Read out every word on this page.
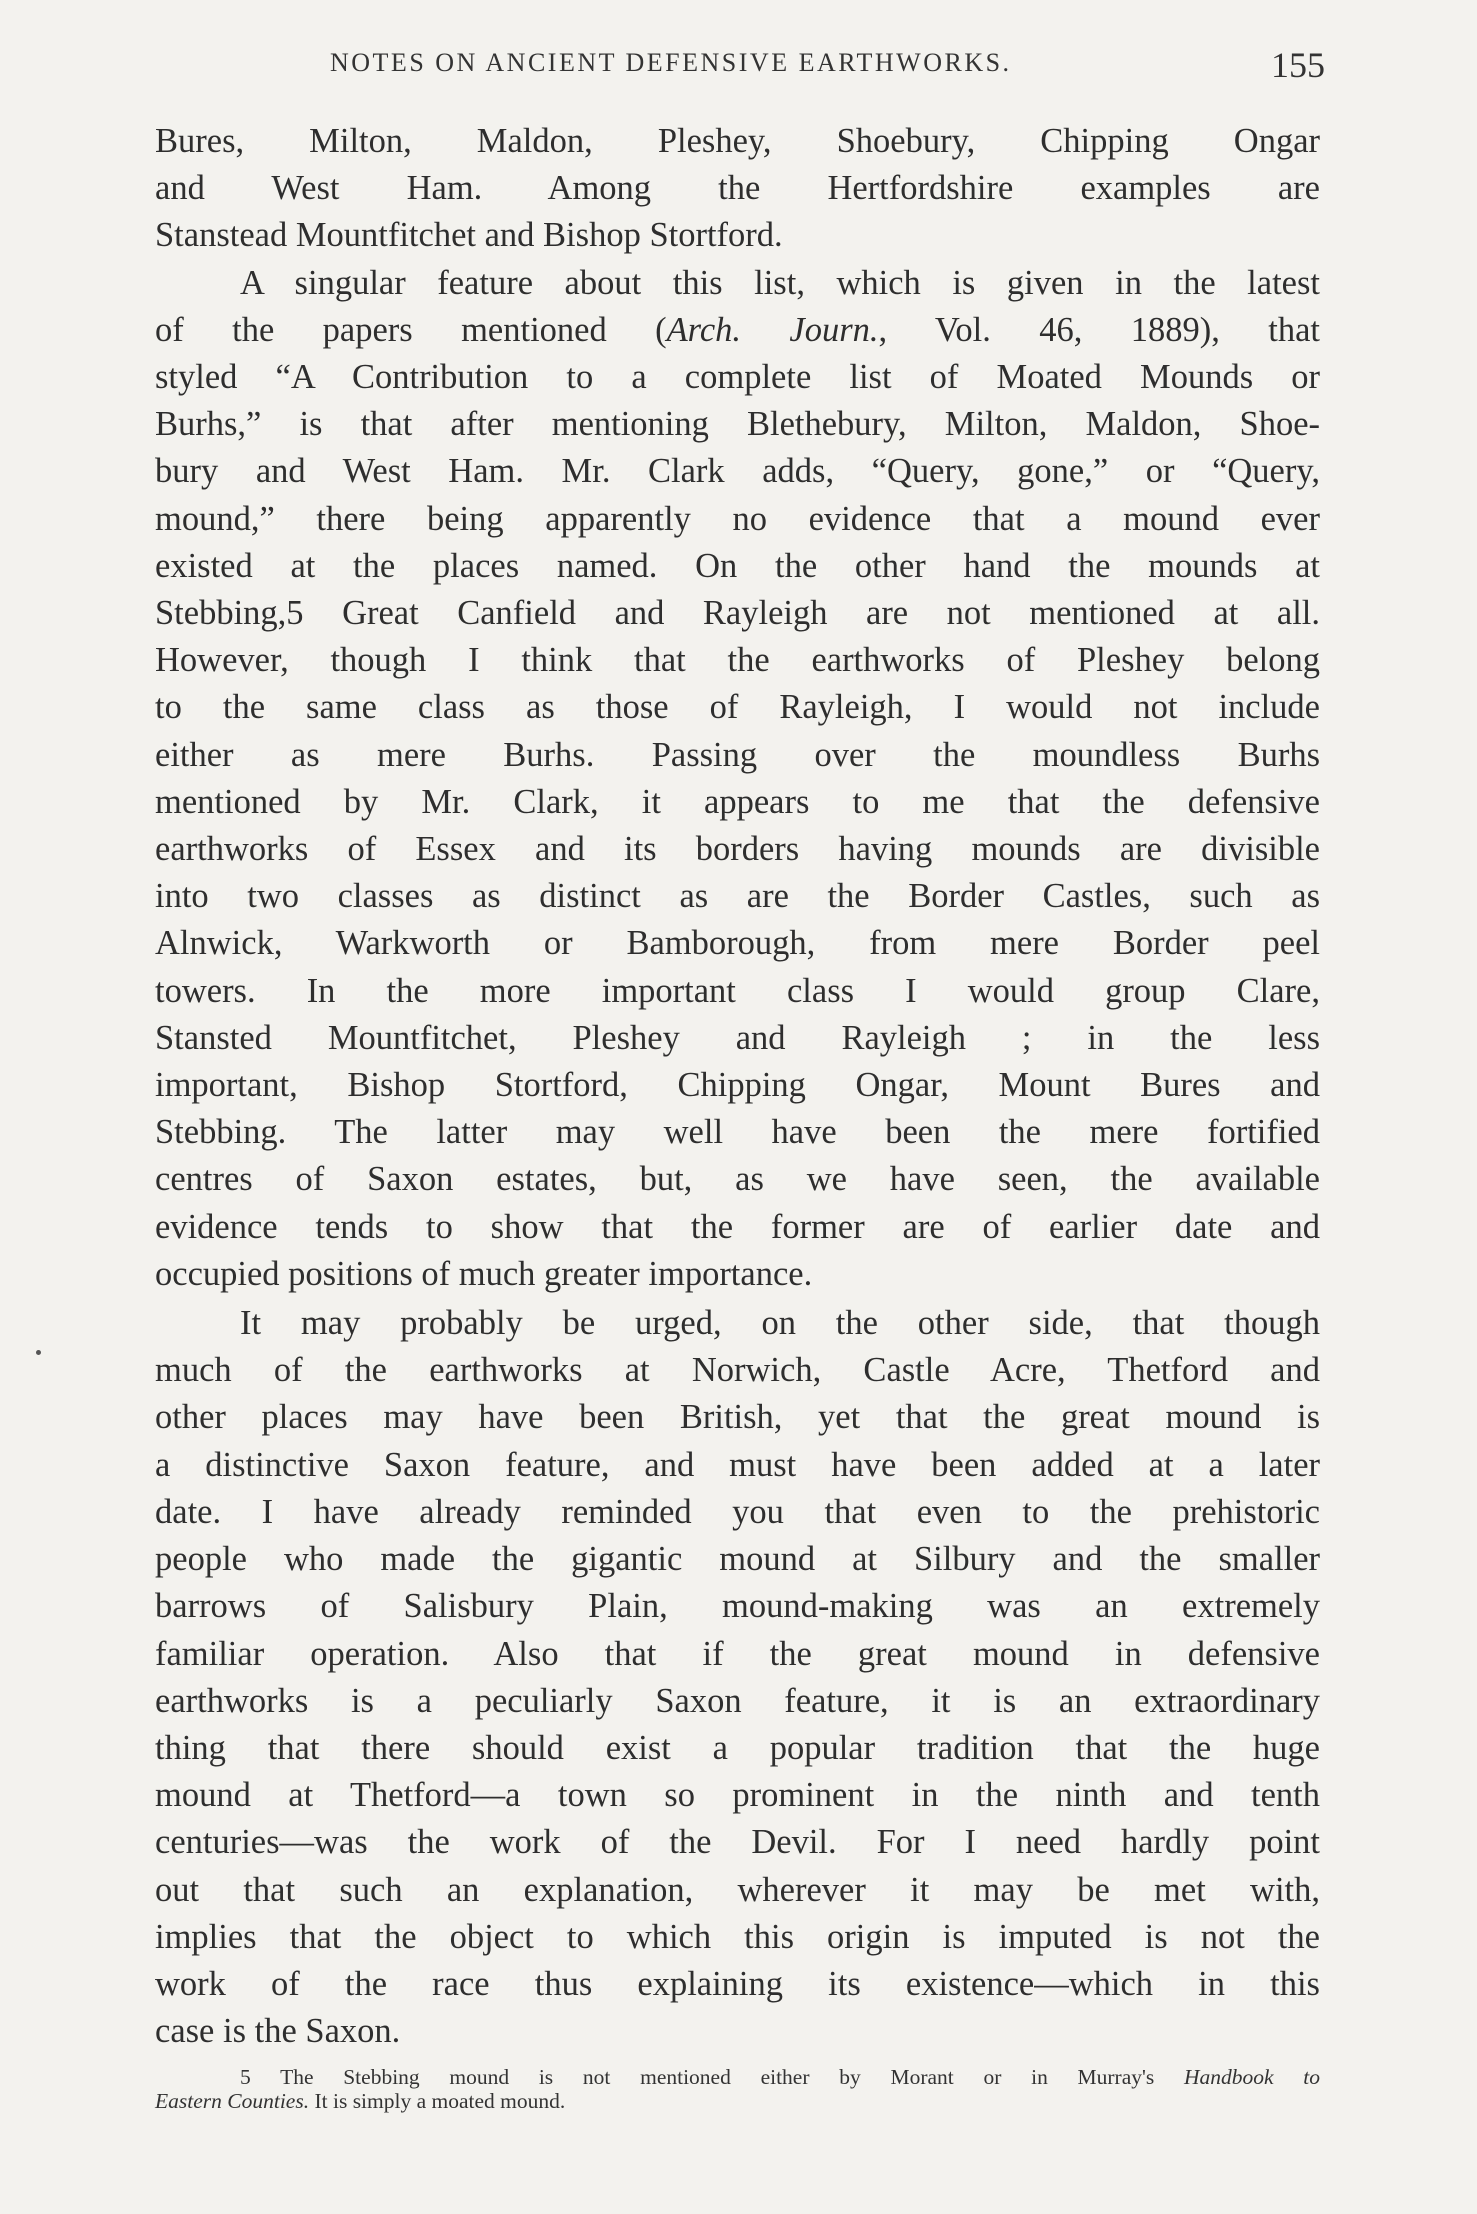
NOTES ON ANCIENT DEFENSIVE EARTHWORKS.	155

Bures, Milton, Maldon, Pleshey, Shoebury, Chipping Ongar
and West Ham. Among the Hertfordshire examples are
Stanstead Mountfitchet and Bishop Stortford.

A singular feature about this list, which is given in the latest
of the papers mentioned (Arch. Journ., Vol. 46, 1889), that
styled “A Contribution to a complete list of Moated Mounds or
Burhs,” is that after mentioning Blethebury, Milton, Maldon, Shoe-
bury and West Ham. Mr. Clark adds, “Query, gone,” or “Query,
mound,” there being apparently no evidence that a mound ever
existed at the places named. On the other hand the mounds at
Stebbing,5 Great Canfield and Rayleigh are not mentioned at all.
However, though I think that the earthworks of Pleshey belong
to the same class as those of Rayleigh, I would not include
either as mere Burhs. Passing over the moundless Burhs
mentioned by Mr. Clark, it appears to me that the defensive
earthworks of Essex and its borders having mounds are divisible
into two classes as distinct as are the Border Castles, such as
Alnwick, Warkworth or Bamborough, from mere Border peel
towers. In the more important class I would group Clare,
Stansted Mountfitchet, Pleshey and Rayleigh ; in the less
important, Bishop Stortford, Chipping Ongar, Mount Bures and
Stebbing. The latter may well have been the mere fortified
centres of Saxon estates, but, as we have seen, the available
evidence tends to show that the former are of earlier date and
occupied positions of much greater importance.

It may probably be urged, on the other side, that though
much of the earthworks at Norwich, Castle Acre, Thetford and
other places may have been British, yet that the great mound is
a distinctive Saxon feature, and must have been added at a later
date. I have already reminded you that even to the prehistoric
people who made the gigantic mound at Silbury and the smaller
barrows of Salisbury Plain, mound-making was an extremely
familiar operation. Also that if the great mound in defensive
earthworks is a peculiarly Saxon feature, it is an extraordinary
thing that there should exist a popular tradition that the huge
mound at Thetford—a town so prominent in the ninth and tenth
centuries—was the work of the Devil. For I need hardly point
out that such an explanation, wherever it may be met with,
implies that the object to which this origin is imputed is not the
work of the race thus explaining its existence—which in this
case is the Saxon.

5 The Stebbing mound is not mentioned either by Morant or in Murray's Handbook to
Eastern Counties. It is simply a moated mound.
